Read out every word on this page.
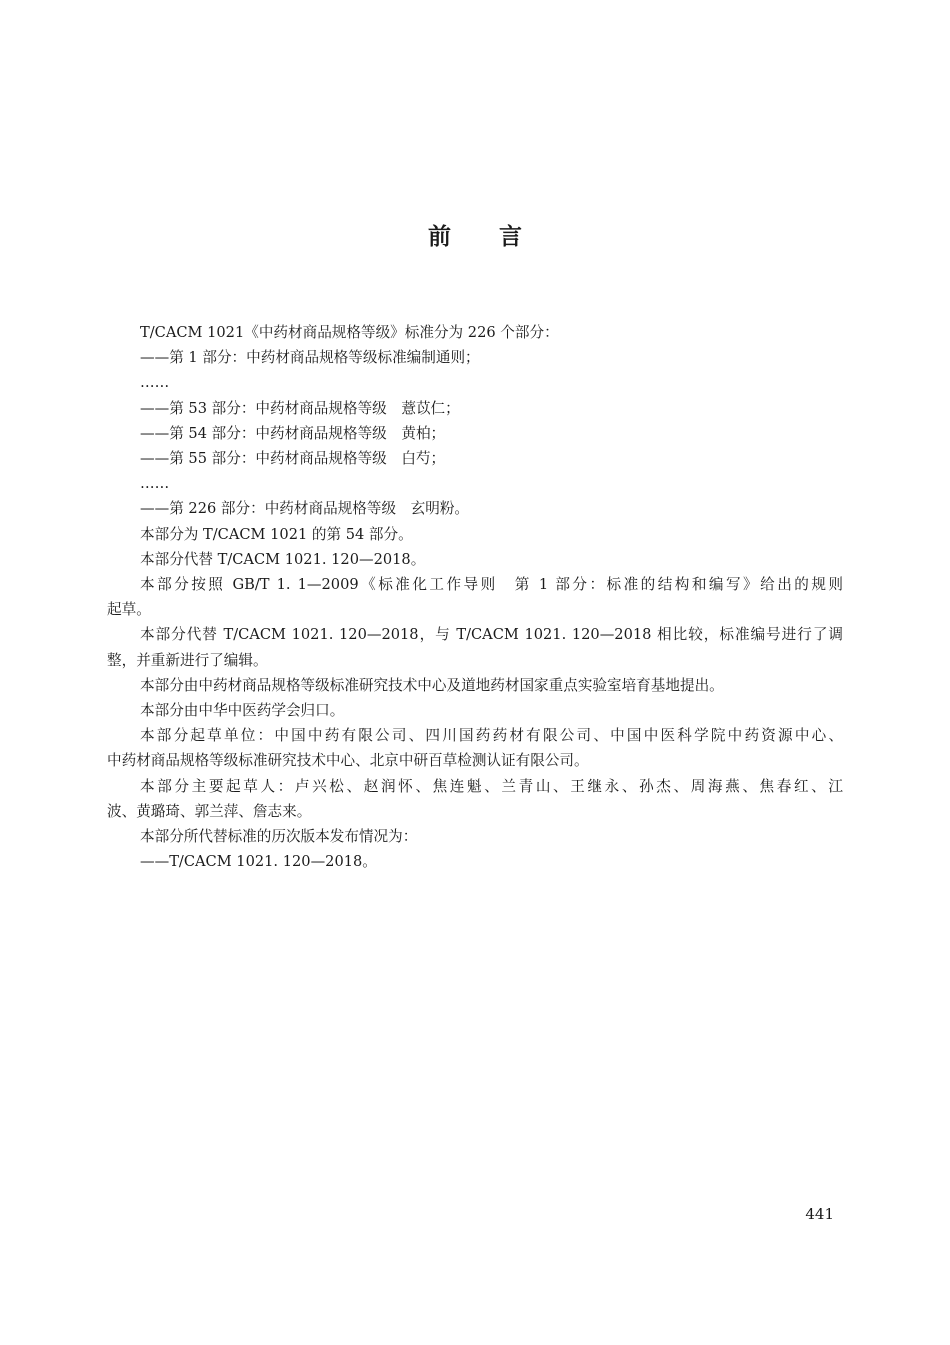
前 言

T/CACM 1021《中药材商品规格等级》标准分为 226 个部分：

——第 1 部分：中药材商品规格等级标准编制通则；

……

——第 53 部分：中药材商品规格等级　薏苡仁；

——第 54 部分：中药材商品规格等级　黄柏；

——第 55 部分：中药材商品规格等级　白芍；

……

——第 226 部分：中药材商品规格等级　玄明粉。

本部分为 T/CACM 1021 的第 54 部分。

本部分代替 T/CACM 1021. 120—2018。

本部分按照 GB/T 1. 1—2009《标准化工作导则　第 1 部分：标准的结构和编写》给出的规则
起草。

本部分代替 T/CACM 1021. 120—2018，与 T/CACM 1021. 120—2018 相比较，标准编号进行了调
整，并重新进行了编辑。

本部分由中药材商品规格等级标准研究技术中心及道地药材国家重点实验室培育基地提出。

本部分由中华中医药学会归口。

本部分起草单位：中国中药有限公司、四川国药药材有限公司、中国中医科学院中药资源中心、
中药材商品规格等级标准研究技术中心、北京中研百草检测认证有限公司。

本部分主要起草人：卢兴松、赵润怀、焦连魁、兰青山、王继永、孙杰、周海燕、焦春红、江
波、黄璐琦、郭兰萍、詹志来。

本部分所代替标准的历次版本发布情况为：

——T/CACM 1021. 120—2018。

441
